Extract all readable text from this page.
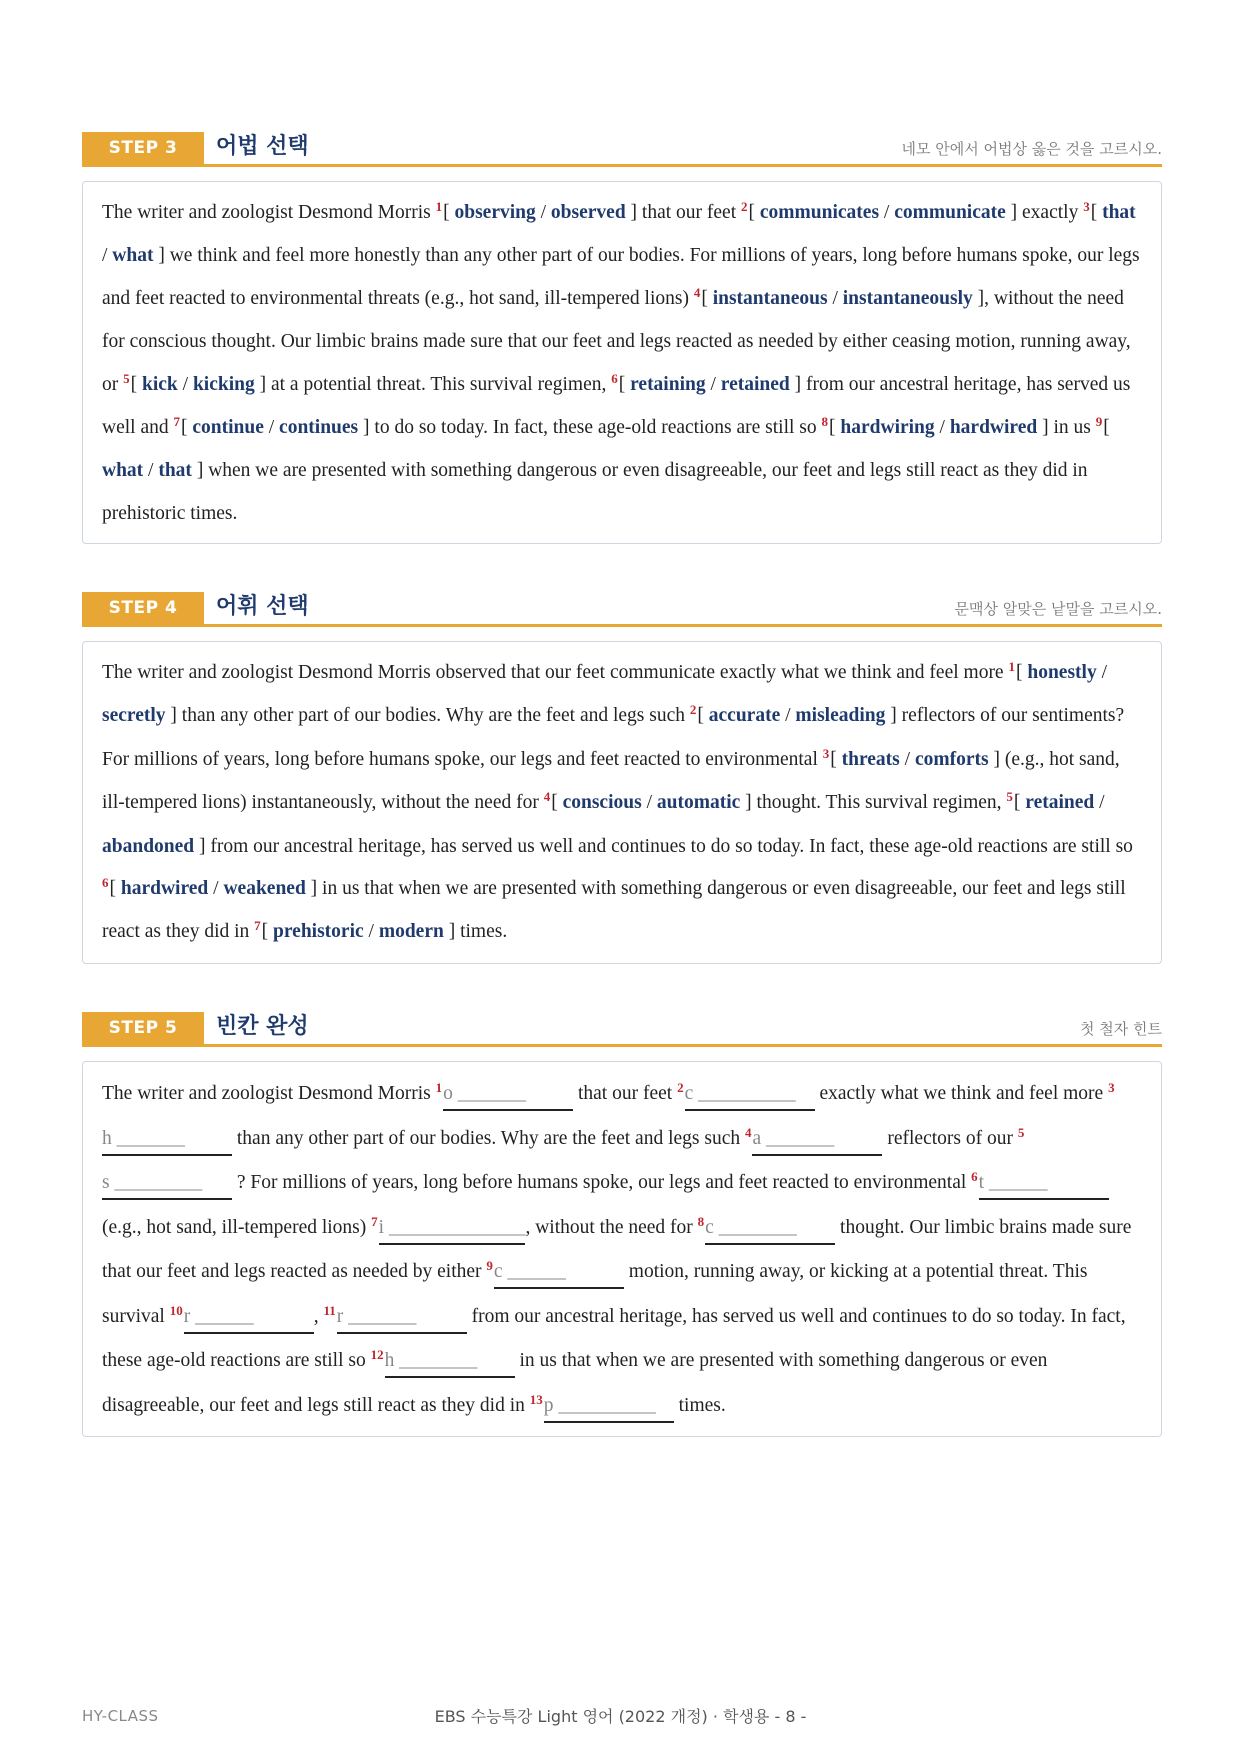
STEP 3	어법 선택	네모 안에서 어법상 옳은 것을 고르시오.
The writer and zoologist Desmond Morris $^1$[ observing / observed ] that our feet $^2$[ communicates / communicate ] exactly $^3$[ that / what ] we think and feel more honestly than any other part of our bodies. For millions of years, long before humans spoke, our legs and feet reacted to environmental threats (e.g., hot sand, ill-tempered lions) $^4$[ instantaneous / instantaneously ], without the need for conscious thought. Our limbic brains made sure that our feet and legs reacted as needed by either ceasing motion, running away, or $^5$[ kick / kicking ] at a potential threat. This survival regimen, $^6$[ retaining / retained ] from our ancestral heritage, has served us well and $^7$[ continue / continues ] to do so today. In fact, these age-old reactions are still so $^8$[ hardwiring / hardwired ] in us $^9$[ what / that ] when we are presented with something dangerous or even disagreeable, our feet and legs still react as they did in prehistoric times.
STEP 4	어휘 선택	문맥상 알맞은 낱말을 고르시오.
The writer and zoologist Desmond Morris observed that our feet communicate exactly what we think and feel more $^1$[ honestly / secretly ] than any other part of our bodies. Why are the feet and legs such $^2$[ accurate / misleading ] reflectors of our sentiments? For millions of years, long before humans spoke, our legs and feet reacted to environmental $^3$[ threats / comforts ] (e.g., hot sand, ill-tempered lions) instantaneously, without the need for $^4$[ conscious / automatic ] thought. This survival regimen, $^5$[ retained / abandoned ] from our ancestral heritage, has served us well and continues to do so today. In fact, these age-old reactions are still so $^6$[ hardwired / weakened ] in us that when we are presented with something dangerous or even disagreeable, our feet and legs still react as they did in $^7$[ prehistoric / modern ] times.
STEP 5	빈칸 완성	첫 철자 힌트
The writer and zoologist Desmond Morris $^1$o _______ that our feet $^2$c __________ exactly what we think and feel more $^3$h _______ than any other part of our bodies. Why are the feet and legs such $^4$a _______ reflectors of our $^5$s _________ ? For millions of years, long before humans spoke, our legs and feet reacted to environmental $^6$t ______ (e.g., hot sand, ill-tempered lions) $^7$i ______________, without the need for $^8$c ________ thought. Our limbic brains made sure that our feet and legs reacted as needed by either $^9$c ______	motion, running away, or kicking at a potential threat. This survival $^{10}$r ______	, $^{11}$r _______	from our ancestral heritage, has served us well and continues to do so today. In fact, these age-old reactions are still so $^{12}$h ________ in us that when we are presented with something dangerous or even disagreeable, our feet and legs still react as they did in $^{13}$p __________ times.
HY-CLASS	EBS 수능특강 Light 영어 (2022 개정) · 학생용 - 8 -
